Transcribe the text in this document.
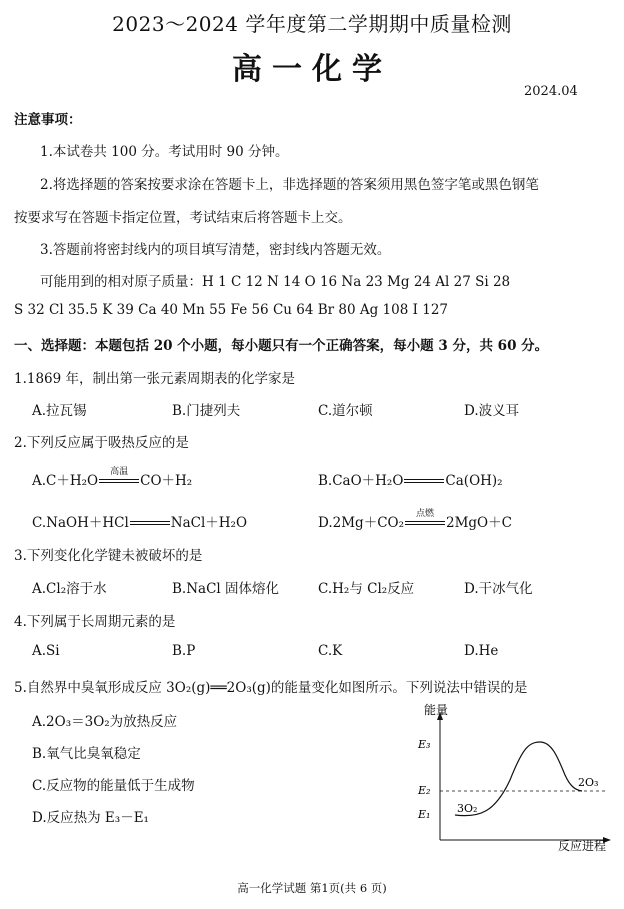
2023～2024 学年度第二学期期中质量检测
高一化学
2024.04
注意事项：
1.本试卷共 100 分。考试用时 90 分钟。
2.将选择题的答案按要求涂在答题卡上，非选择题的答案须用黑色签字笔或黑色钢笔
按要求写在答题卡指定位置，考试结束后将答题卡上交。
3.答题前将密封线内的项目填写清楚，密封线内答题无效。
可能用到的相对原子质量：H 1 C 12 N 14 O 16 Na 23 Mg 24 Al 27 Si 28
S 32 Cl 35.5 K 39 Ca 40 Mn 55 Fe 56 Cu 64 Br 80 Ag 108 I 127
一、选择题：本题包括 20 个小题，每小题只有一个正确答案，每小题 3 分，共 60 分。
1.1869 年，制出第一张元素周期表的化学家是
A.拉瓦锡	B.门捷列夫	C.道尔顿	D.波义耳
2.下列反应属于吸热反应的是
A.C＋H₂O
高温
CO＋H₂	B.CaO＋H₂O	Ca(OH)₂
C.NaOH＋HCl	NaCl＋H₂O	D.2Mg＋CO₂
点燃
2MgO＋C
3.下列变化化学键未被破坏的是
A.Cl₂溶于水	B.NaCl 固体熔化	C.H₂与 Cl₂反应	D.干冰气化
4.下列属于长周期元素的是
A.Si	B.P	C.K	D.He
5.自然界中臭氧形成反应 3O₂(g)══2O₃(g)的能量变化如图所示。下列说法中错误的是
A.2O₃＝3O₂为放热反应
B.氧气比臭氧稳定
C.反应物的能量低于生成物
D.反应热为 E₃－E₁
能量
反应进程
E₃
E₂
E₁ 3O₂
2O₃
高一化学试题 第1页(共 6 页)
